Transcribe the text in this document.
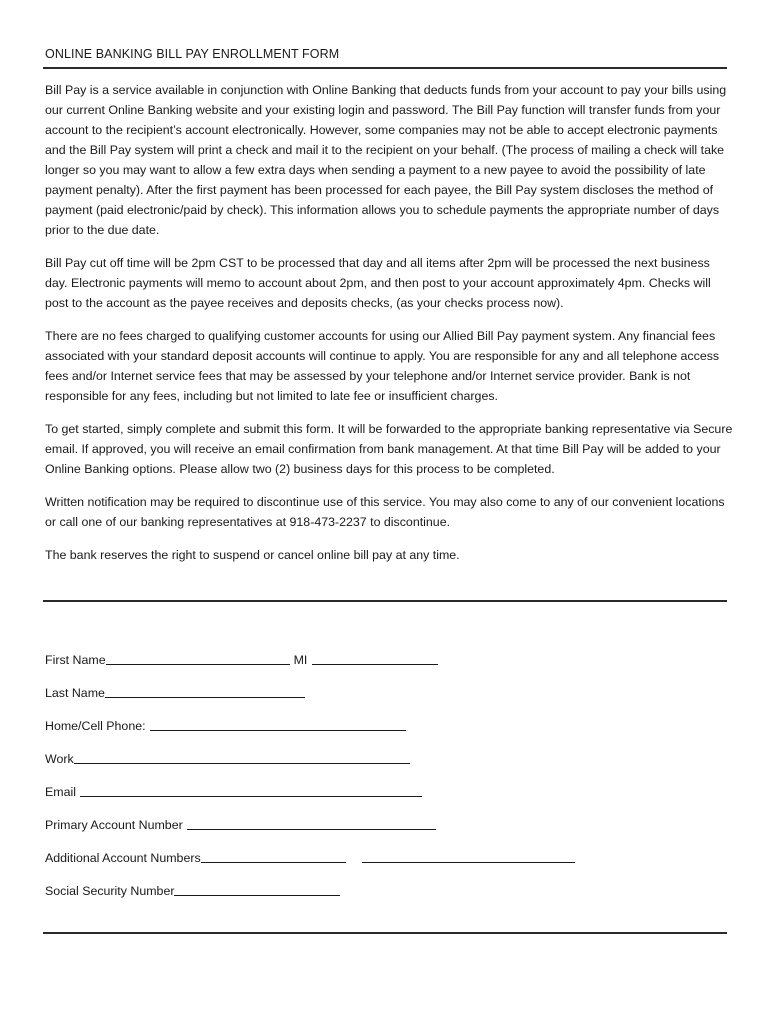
ONLINE BANKING BILL PAY ENROLLMENT FORM

Bill Pay is a service available in conjunction with Online Banking that deducts funds from your account to pay your bills using our current Online Banking website and your existing login and password. The Bill Pay function will transfer funds from your account to the recipient’s account electronically. However, some companies may not be able to accept electronic payments and the Bill Pay system will print a check and mail it to the recipient on your behalf. (The process of mailing a check will take longer so you may want to allow a few extra days when sending a payment to a new payee to avoid the possibility of late payment penalty). After the first payment has been processed for each payee, the Bill Pay system discloses the method of payment (paid electronic/paid by check). This information allows you to schedule payments the appropriate number of days prior to the due date.

Bill Pay cut off time will be 2pm CST to be processed that day and all items after 2pm will be processed the next business day. Electronic payments will memo to account about 2pm, and then post to your account approximately 4pm. Checks will post to the account as the payee receives and deposits checks, (as your checks process now).

There are no fees charged to qualifying customer accounts for using our Allied Bill Pay payment system. Any financial fees associated with your standard deposit accounts will continue to apply. You are responsible for any and all telephone access fees and/or Internet service fees that may be assessed by your telephone and/or Internet service provider. Bank is not responsible for any fees, including but not limited to late fee or insufficient charges.

To get started, simply complete and submit this form. It will be forwarded to the appropriate banking representative via Secure email. If approved, you will receive an email confirmation from bank management. At that time Bill Pay will be added to your Online Banking options. Please allow two (2) business days for this process to be completed.

Written notification may be required to discontinue use of this service. You may also come to any of our convenient locations or call one of our banking representatives at 918-473-2237 to discontinue.

The bank reserves the right to suspend or cancel online bill pay at any time.

First Name	MI
Last Name
Home/Cell Phone:
Work
Email
Primary Account Number
Additional Account Numbers
Social Security Number
